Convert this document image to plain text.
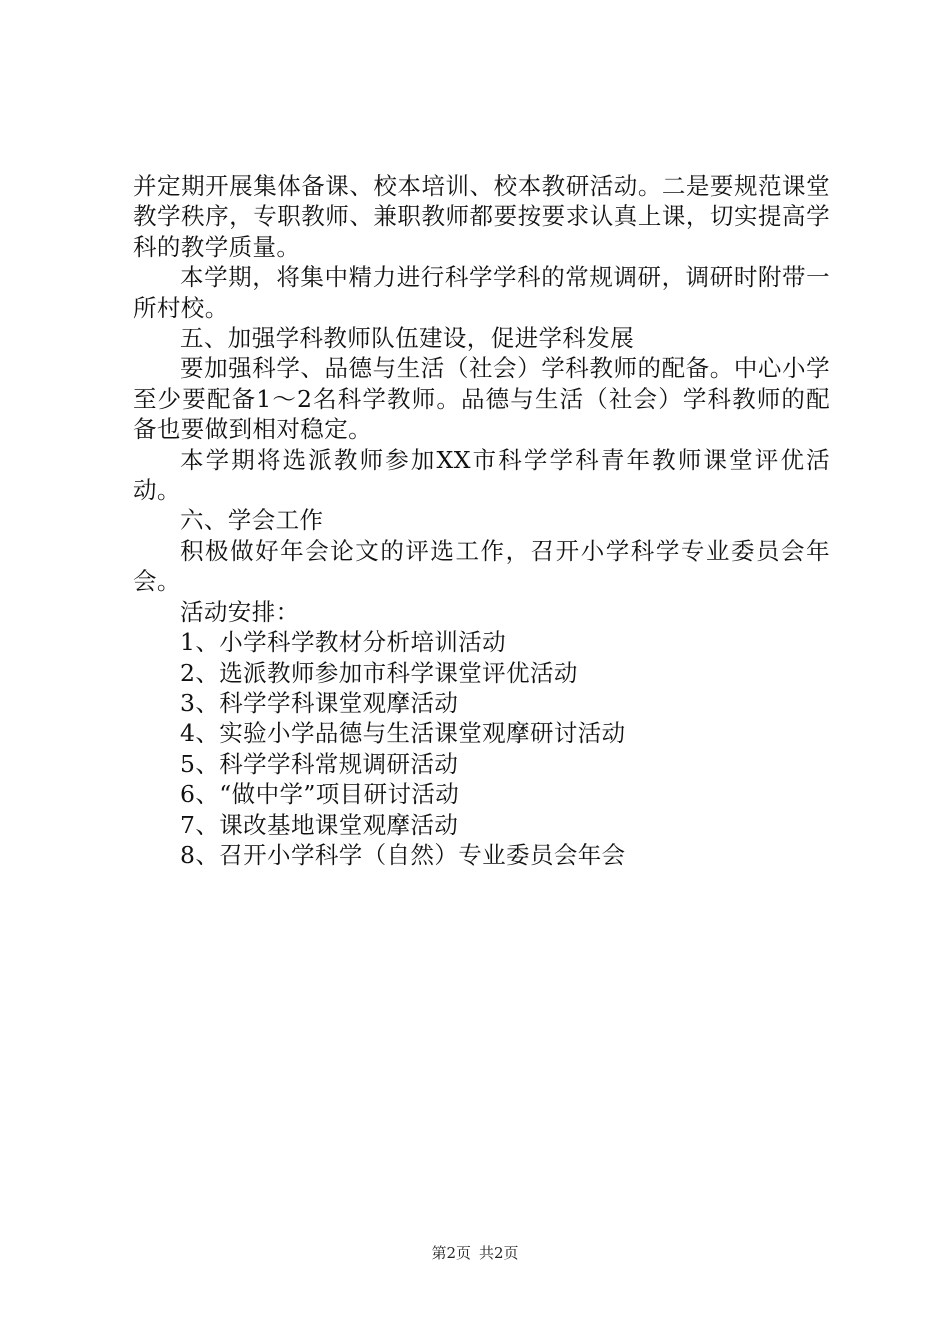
并定期开展集体备课、校本培训、校本教研活动。二是要规范课堂教学秩序，专职教师、兼职教师都要按要求认真上课，切实提高学科的教学质量。

本学期，将集中精力进行科学学科的常规调研，调研时附带一所村校。

五、加强学科教师队伍建设，促进学科发展

要加强科学、品德与生活（社会）学科教师的配备。中心小学至少要配备1～2名科学教师。品德与生活（社会）学科教师的配备也要做到相对稳定。

本学期将选派教师参加XX市科学学科青年教师课堂评优活动。

六、学会工作

积极做好年会论文的评选工作，召开小学科学专业委员会年会。

活动安排：

1、小学科学教材分析培训活动

2、选派教师参加市科学课堂评优活动

3、科学学科课堂观摩活动

4、实验小学品德与生活课堂观摩研讨活动

5、科学学科常规调研活动

6、“做中学”项目研讨活动

7、课改基地课堂观摩活动

8、召开小学科学（自然）专业委员会年会

第2页 共2页
